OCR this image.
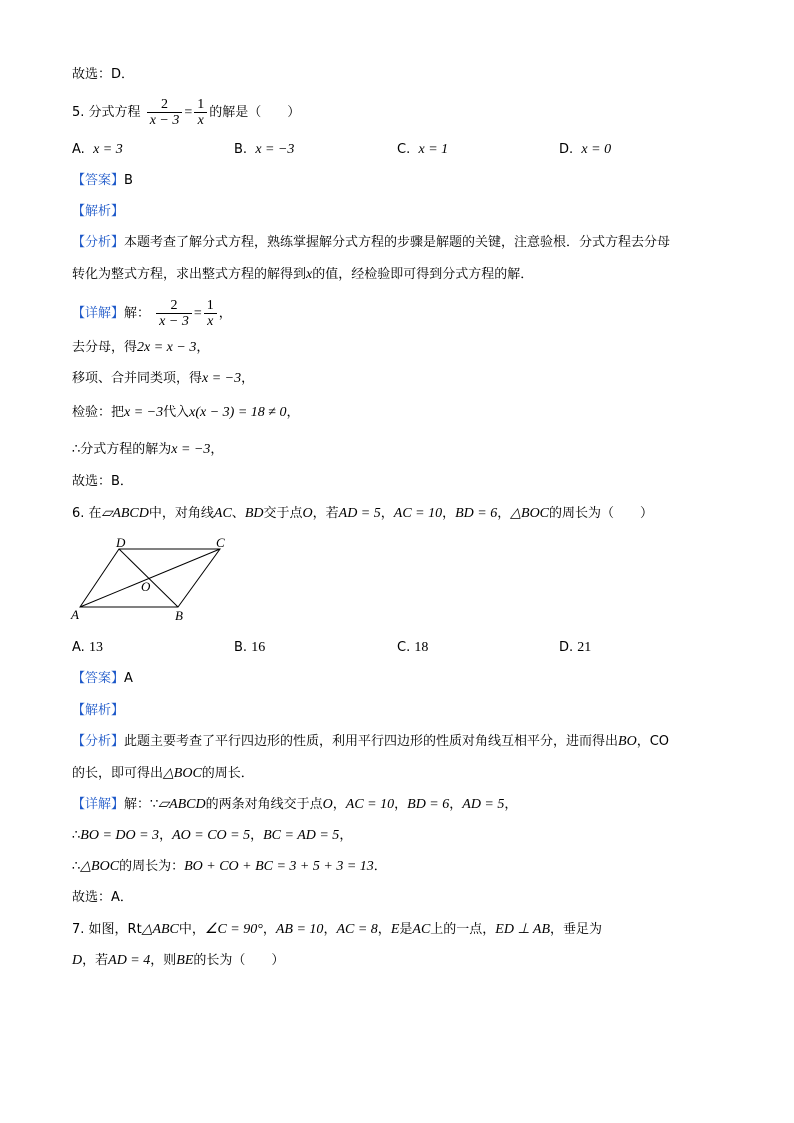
故选：D．
5. 分式方程 $\frac{2}{x - 3} = \frac{1}{x}$ 的解是（　　）
A. x = 3	B. x = −3	C. x = 1	D. x = 0
【答案】B
【解析】
【分析】本题考查了解分式方程，熟练掌握解分式方程的步骤是解题的关键，注意验根．分式方程去分母
转化为整式方程，求出整式方程的解得到x的值，经检验即可得到分式方程的解．
【详解】解： $\frac{2}{x - 3} = \frac{1}{x}$ ，
去分母，得2x = x − 3，
移项、合并同类项，得x = −3，
检验：把x = −3代入x(x − 3) = 18 ≠ 0，
∴分式方程的解为x = −3，
故选：B．
6. 在▱ABCD中，对角线AC、BD交于点O，若AD = 5，AC = 10，BD = 6，△BOC的周长为（　　）
D	C
O
A	B
A. 13	B. 16	C. 18	D. 21
【答案】A
【解析】
【分析】此题主要考查了平行四边形的性质，利用平行四边形的性质对角线互相平分，进而得出BO，CO
的长，即可得出△BOC的周长．
【详解】解：∵▱ABCD的两条对角线交于点O，AC = 10，BD = 6，AD = 5，
∴BO = DO = 3，AO = CO = 5，BC = AD = 5，
∴△BOC的周长为：BO + CO + BC = 3 + 5 + 3 = 13．
故选：A．
7. 如图，Rt△ABC中，∠C = 90°，AB = 10，AC = 8，E是AC上的一点，ED ⊥ AB，垂足为
D，若AD = 4，则BE的长为（　　）
